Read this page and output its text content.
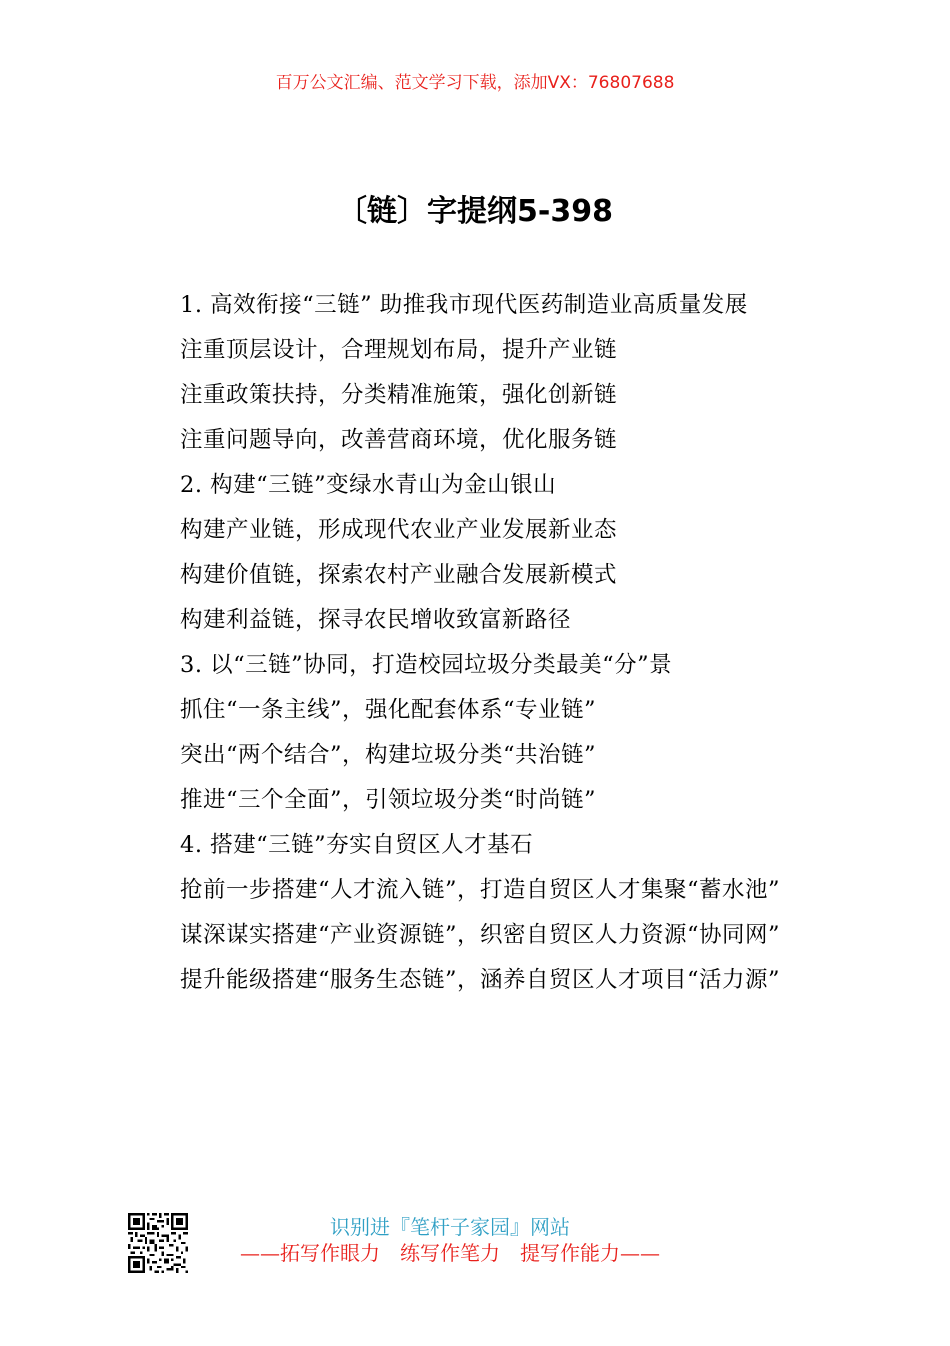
百万公文汇编、范文学习下载，添加VX：76807688
〔链〕字提纲5-398

1. 高效衔接“三链” 助推我市现代医药制造业高质量发展

注重顶层设计，合理规划布局，提升产业链

注重政策扶持，分类精准施策，强化创新链

注重问题导向，改善营商环境，优化服务链

2. 构建“三链”变绿水青山为金山银山

构建产业链，形成现代农业产业发展新业态

构建价值链，探索农村产业融合发展新模式

构建利益链，探寻农民增收致富新路径

3. 以“三链”协同，打造校园垃圾分类最美“分”景

抓住“一条主线”，强化配套体系“专业链”

突出“两个结合”，构建垃圾分类“共治链”

推进“三个全面”，引领垃圾分类“时尚链”

4. 搭建“三链”夯实自贸区人才基石

抢前一步搭建“人才流入链”，打造自贸区人才集聚“蓄水池”

谋深谋实搭建“产业资源链”，织密自贸区人力资源“协同网”

提升能级搭建“服务生态链”，涵养自贸区人才项目“活力源”

识别进『笔杆子家园』网站
——拓写作眼力　练写作笔力　提写作能力——
